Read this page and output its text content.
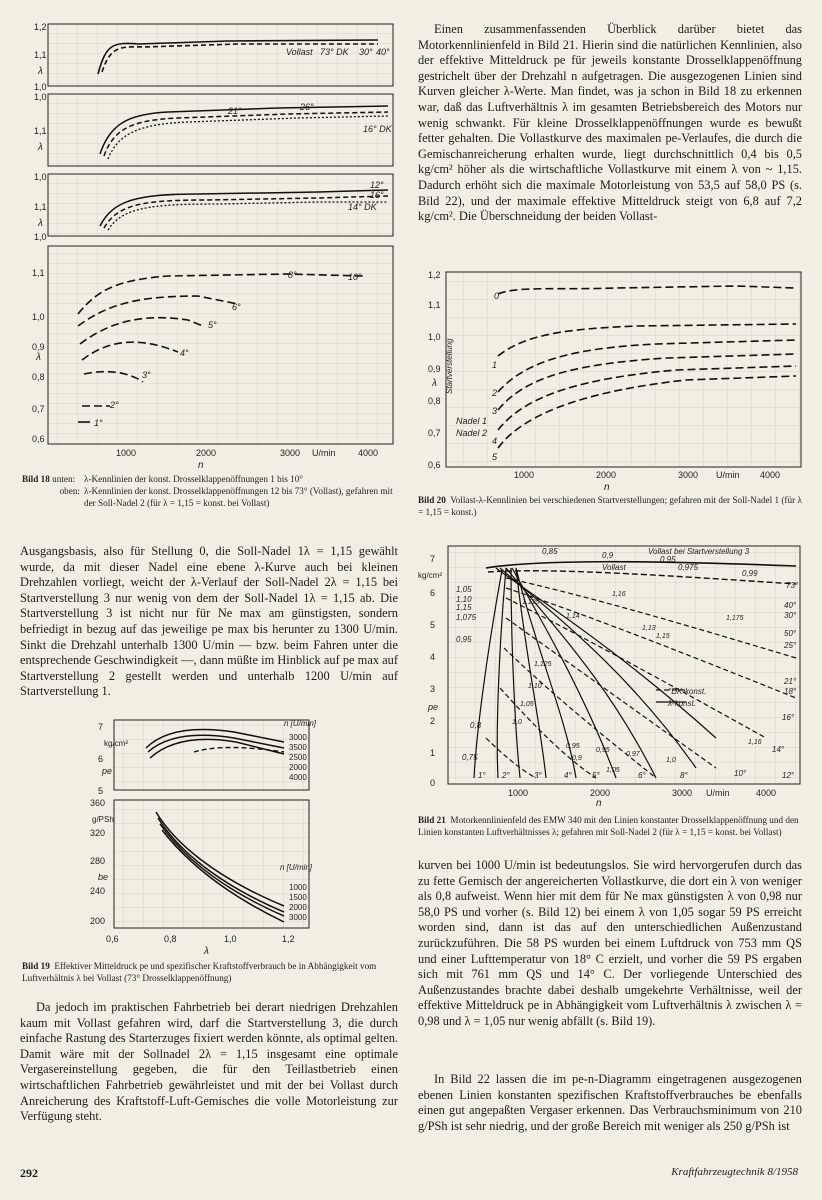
1,2
1,1
1,0
λ
Vollast 73° DK 30° 40°
1,0
1,1
λ
21°	26°
16° DK
1,0
1,1
1,0
λ
12°
16°
14° DK
1,1
1,0
0,9
0,8
0,7
0,6
λ
8°	10°
6°
5°
4°
3°
2°
1°
1000	2000	3000 U/min 4000
n
Bild 18 unten: λ-Kennlinien der konst. Drosselklappenöffnungen 1 bis 10°
oben: λ-Kennlinien der konst. Drosselklappenöffnungen 12 bis 73° (Vollast), gefahren mit der Soll-Nadel 2 (für λ = 1,15 = konst. bei Vollast)

Einen zusammenfassenden Überblick darüber bietet das Motorkennlinienfeld in Bild 21. Hierin sind die natürlichen Kennlinien, also der effektive Mitteldruck pe für jeweils konstante Drosselklappenöffnung gestrichelt über der Drehzahl n aufgetragen. Die ausgezogenen Linien sind Kurven gleicher λ-Werte. Man findet, was ja schon in Bild 18 zu erkennen war, daß das Luftverhältnis λ im gesamten Betriebsbereich des Motors nur wenig schwankt. Für kleine Drosselklappenöffnungen wurde es bewußt fetter gehalten. Die Vollastkurve des maximalen pe-Verlaufes, die durch die Gemischanreicherung erhalten wurde, liegt durchschnittlich 0,4 bis 0,5 kg/cm² höher als die wirtschaftliche Vollastkurve mit einem λ von ~ 1,15. Dadurch erhöht sich die maximale Motorleistung von 53,5 auf 58,0 PS (s. Bild 22), und der maximale effektive Mitteldruck steigt von 6,8 auf 7,2 kg/cm². Die Überschneidung der beiden Vollast-

1,2
1,1
1,0
0,9
0,8
0,7
0,6
λ Startverstellung
0
1
2
3
4
5
Nadel 1
Nadel 2
1000	2000	3000 U/min 4000
n
Bild 20 Vollast-λ-Kennlinien bei verschiedenen Startverstellungen; gefahren mit der Soll-Nadel 1 (für λ = 1,15 = konst.)

Ausgangsbasis, also für Stellung 0, die Soll-Nadel 1λ = 1,15 gewählt wurde, da mit dieser Nadel eine ebene λ-Kurve auch bei kleinen Drehzahlen vorliegt, weicht der λ-Verlauf der Soll-Nadel 2λ = 1,15 bei Startverstellung 3 nur wenig von dem der Soll-Nadel 1λ = 1,15 ab. Die Startverstellung 3 ist nicht nur für Ne max am günstigsten, sondern befriedigt in bezug auf das jeweilige pe max bis herunter zu 1300 U/min. Sinkt die Drehzahl unterhalb 1300 U/min — bzw. beim Fahren unter die entsprechende Geschwindigkeit —, dann müßte im Hinblick auf pe max auf Startverstellung 2 gestellt werden und unterhalb 1200 U/min auf Startverstellung 1.

7
6
5
kg/cm²
pe
n [U/min]
3000
3500
2500
2000
4000
360
320
280
240
200
g/PSh
be
n [U/min]
1000
1500
2000
3000
0,6	0,8	1,0	1,2
λ
Bild 19 Effektiver Mitteldruck pe und spezifischer Kraftstoffverbrauch be in Abhängigkeit vom Luftverhältnis λ bei Vollast (73° Drosselklappenöffnung)
7
6
5
4
3
2
1
0
kg/cm²
pe
0,85	0,9	0,95
0,975
0,99
Vollast bei Startverstellung 3
Vollast
1,05
1,10
1,15
1,075
0,95
0,8
0,75
1,16
1,125
1,14
1,13
1,125
1,10
1,05
1,0
1,175
1,15
1,16
0,95
0,9
0,95
0,97
1,0
1,05
73°
40°
30°
50°
25°
21°
18°
16°
14°
12°
10°
8°
6°
5°
4°
3°
2°
1°
°DK-konst.
λ-konst.
1000	2000	3000 U/min	4000
n
Bild 21 Motorkennlinienfeld des EMW 340 mit den Linien konstanter Drosselklappenöffnung und den Linien konstanten Luftverhältnisses λ; gefahren mit Soll-Nadel 2 (für λ = 1,15 = konst. bei Vollast)

Da jedoch im praktischen Fahrbetrieb bei derart niedrigen Drehzahlen kaum mit Vollast gefahren wird, darf die Startverstellung 3, die durch einfache Rastung des Starterzuges fixiert werden könnte, als optimal gelten. Damit wäre mit der Sollnadel 2λ = 1,15 insgesamt eine optimale Vergasereinstellung gegeben, die für den Teillastbetrieb einen wirtschaftlichen Fahrbetrieb gewährleistet und mit der bei Vollast durch Anreicherung des Kraftstoff-Luft-Gemisches die volle Motorleistung zur Verfügung steht.

kurven bei 1000 U/min ist bedeutungslos. Sie wird hervorgerufen durch das zu fette Gemisch der angereicherten Vollastkurve, die dort ein λ von weniger als 0,8 aufweist. Wenn hier mit dem für Ne max günstigsten λ von 0,98 nur 58,0 PS und vorher (s. Bild 12) bei einem λ von 1,05 sogar 59 PS erreicht worden sind, dann ist das auf den unterschiedlichen Außenzustand zurückzuführen. Die 58 PS wurden bei einem Luftdruck von 753 mm QS und einer Lufttemperatur von 18° C erzielt, und vorher die 59 PS ergaben sich mit 761 mm QS und 14° C. Der vorliegende Unterschied des Außenzustandes brachte dabei deshalb umgekehrte Verhältnisse, weil der effektive Mitteldruck pe in Abhängigkeit vom Luftverhältnis λ zwischen λ = 0,98 und λ = 1,05 nur wenig abfällt (s. Bild 19).

In Bild 22 lassen die im pe-n-Diagramm eingetragenen ausgezogenen ebenen Linien konstanten spezifischen Kraftstoffverbrauches be ebenfalls einen gut angepaßten Vergaser erkennen. Das Verbrauchsminimum von 210 g/PSh ist sehr niedrig, und der große Bereich mit weniger als 250 g/PSh ist

292	Kraftfahrzeugtechnik 8/1958
